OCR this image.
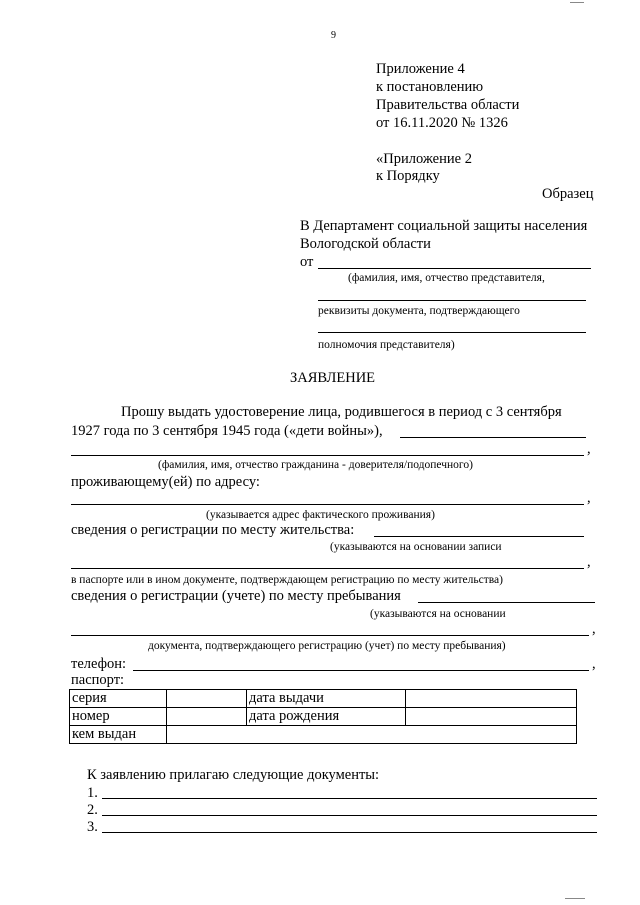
9
Приложение 4
к постановлению
Правительства области
от 16.11.2020 № 1326
«Приложение 2
к Порядку
Образец
В Департамент социальной защиты населения
Вологодской области
от
(фамилия, имя, отчество представителя,
реквизиты документа, подтверждающего
полномочия представителя)
ЗАЯВЛЕНИЕ
Прошу выдать удостоверение лица, родившегося в период с 3 сентября
1927 года по 3 сентября 1945 года («дети войны»),
,
(фамилия, имя, отчество гражданина - доверителя/подопечного)
проживающему(ей) по адресу:
,
(указывается адрес фактического проживания)
сведения о регистрации по месту жительства:
(указываются на основании записи
,
в паспорте или в ином документе, подтверждающем регистрацию по месту жительства)
сведения о регистрации (учете) по месту пребывания
(указываются на основании
,
документа, подтверждающего регистрацию (учет) по месту пребывания)
телефон:	,
паспорт:
серия		дата выдачи	
номер		дата рождения	
кем выдан			
К заявлению прилагаю следующие документы:
1.
2.
3.
